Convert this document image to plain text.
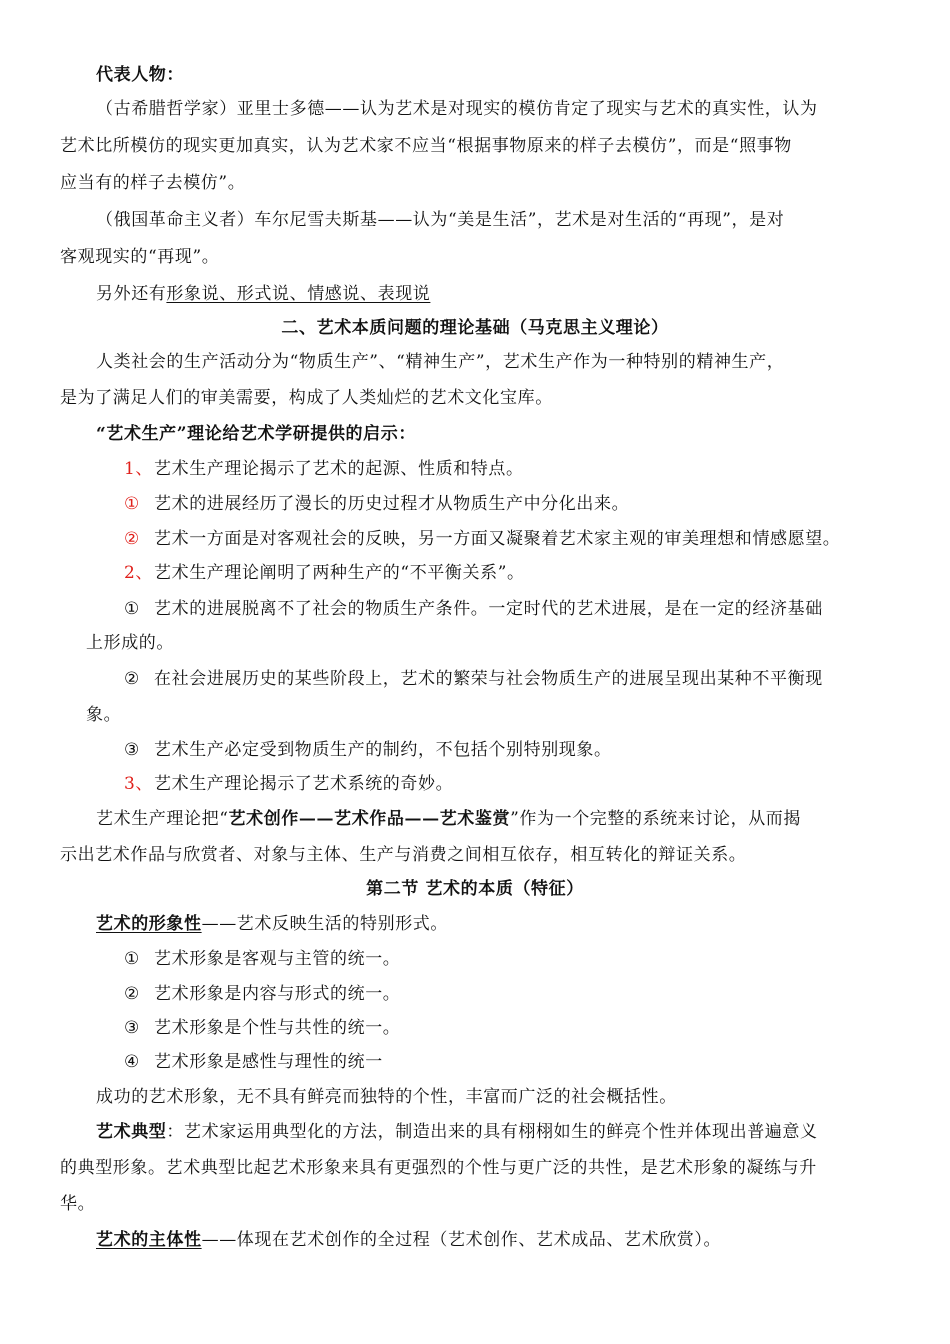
代表人物：
（古希腊哲学家）亚里士多德——认为艺术是对现实的模仿肯定了现实与艺术的真实性，认为
艺术比所模仿的现实更加真实，认为艺术家不应当“根据事物原来的样子去模仿”，而是“照事物
应当有的样子去模仿”。
（俄国革命主义者）车尔尼雪夫斯基——认为“美是生活”，艺术是对生活的“再现”，是对
客观现实的“再现”。
另外还有形象说、形式说、情感说、表现说
二、艺术本质问题的理论基础（马克思主义理论）
人类社会的生产活动分为“物质生产”、“精神生产”，艺术生产作为一种特别的精神生产，
是为了满足人们的审美需要，构成了人类灿烂的艺术文化宝库。
“艺术生产”理论给艺术学研提供的启示：
1、艺术生产理论揭示了艺术的起源、性质和特点。
① 艺术的进展经历了漫长的历史过程才从物质生产中分化出来。
② 艺术一方面是对客观社会的反映，另一方面又凝聚着艺术家主观的审美理想和情感愿望。
2、艺术生产理论阐明了两种生产的“不平衡关系”。
① 艺术的进展脱离不了社会的物质生产条件。一定时代的艺术进展，是在一定的经济基础
上形成的。
② 在社会进展历史的某些阶段上，艺术的繁荣与社会物质生产的进展呈现出某种不平衡现
象。
③ 艺术生产必定受到物质生产的制约，不包括个别特别现象。
3、艺术生产理论揭示了艺术系统的奇妙。
艺术生产理论把“艺术创作——艺术作品——艺术鉴赏”作为一个完整的系统来讨论，从而揭
示出艺术作品与欣赏者、对象与主体、生产与消费之间相互依存，相互转化的辩证关系。
第二节 艺术的本质（特征）
艺术的形象性——艺术反映生活的特别形式。
① 艺术形象是客观与主管的统一。
② 艺术形象是内容与形式的统一。
③ 艺术形象是个性与共性的统一。
④ 艺术形象是感性与理性的统一
成功的艺术形象，无不具有鲜亮而独特的个性，丰富而广泛的社会概括性。
艺术典型：艺术家运用典型化的方法，制造出来的具有栩栩如生的鲜亮个性并体现出普遍意义
的典型形象。艺术典型比起艺术形象来具有更强烈的个性与更广泛的共性，是艺术形象的凝练与升
华。
艺术的主体性——体现在艺术创作的全过程（艺术创作、艺术成品、艺术欣赏）。
